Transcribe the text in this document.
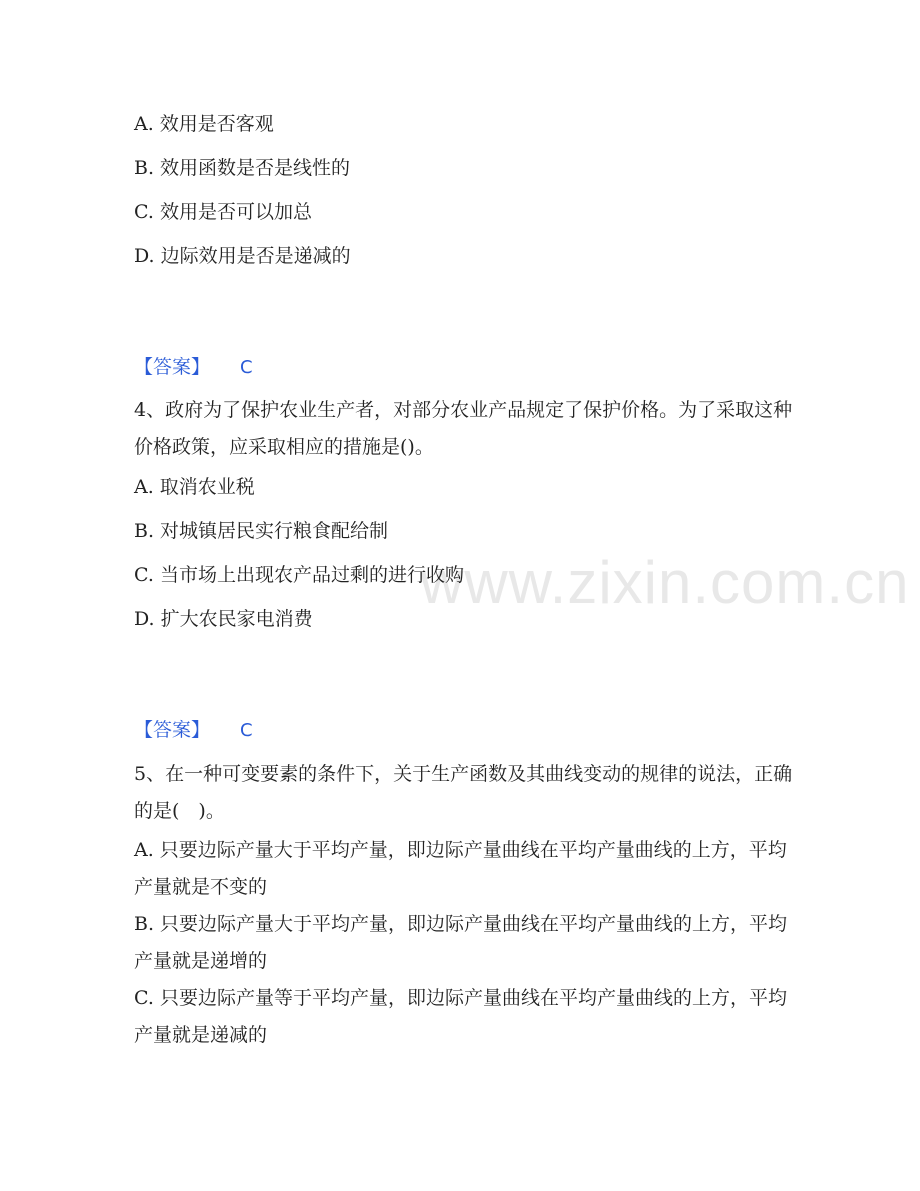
www.zixin.com.cn
A. 效用是否客观
B. 效用函数是否是线性的
C. 效用是否可以加总
D. 边际效用是否是递减的
【答案】 C
4、政府为了保护农业生产者，对部分农业产品规定了保护价格。为了采取这种价格政策，应采取相应的措施是()。
A. 取消农业税
B. 对城镇居民实行粮食配给制
C. 当市场上出现农产品过剩的进行收购
D. 扩大农民家电消费
【答案】 C
5、在一种可变要素的条件下，关于生产函数及其曲线变动的规律的说法，正确的是(　)。
A. 只要边际产量大于平均产量，即边际产量曲线在平均产量曲线的上方，平均产量就是不变的
B. 只要边际产量大于平均产量，即边际产量曲线在平均产量曲线的上方，平均产量就是递增的
C. 只要边际产量等于平均产量，即边际产量曲线在平均产量曲线的上方，平均产量就是递减的
